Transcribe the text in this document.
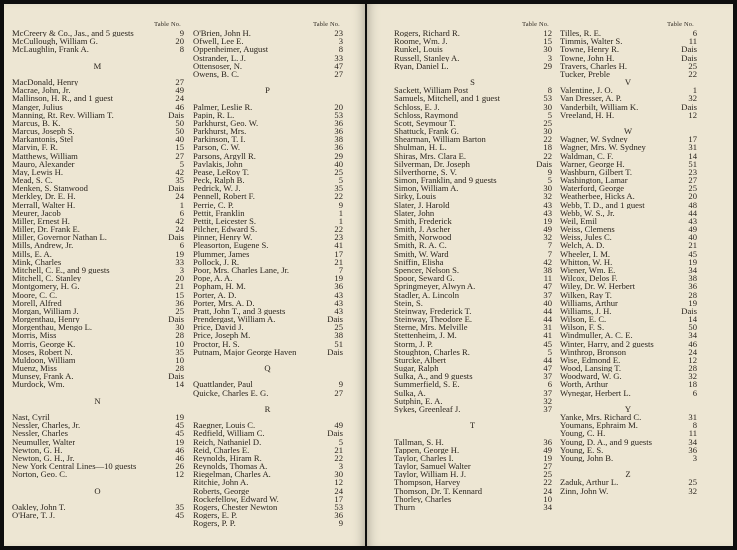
Table No.
McCreery & Co., Jas., and 5 guests	9
McCullough, William G.	20
McLaughlin, Frank A.	8
M
MacDonald, Henry	27
Macrae, John, Jr.	49
Mallinson, H. R., and 1 guest	24
Manger, Julius	46
Manning, Rt. Rev. William T.	Dais
Marcus, B. K.	50
Marcus, Joseph S.	50
Markantonis, Stel	40
Marvin, F. R.	15
Matthews, William	27
Mauro, Alexander	5
May, Lewis H.	42
Mead, S. C.	35
Menken, S. Stanwood	Dais
Merkley, Dr. E. H.	24
Merrall, Walter H.	1
Meurer, Jacob	6
Miller, Ernest H.	42
Miller, Dr. Frank E.	24
Miller, Governor Nathan L.	Dais
Mills, Andrew, Jr.	6
Mills, E. A.	19
Mink, Charles	33
Mitchell, C. E., and 9 guests	3
Mitchell, C. Stanley	20
Montgomery, H. G.	21
Moore, C. C.	15
Morell, Alfred	36
Morgan, William J.	25
Morgenthau, Henry	Dais
Morgenthau, Mengo L.	30
Morris, Miss	28
Morris, George K.	10
Moses, Robert N.	35
Muldoon, William	10
Muenz, Miss	28
Munsey, Frank A.	Dais
Murdock, Wm.	14
N
Nast, Cyril	19
Nessler, Charles, Jr.	45
Nessler, Charles	45
Neumuller, Walter	19
Newton, G. H.	46
Newton, G. H., Jr.	46
New York Central Lines—10 guests	26
Norton, Geo. C.	12
O
Oakley, John T.	35
O'Hare, T. J.	45
Table No.
O'Brien, John H.	23
Ofwell, Lee E.	3
Oppenheimer, August	8
Ostrander, L. J.	33
Ottensoser, N.	47
Owens, B. C.	27
P
Palmer, Leslie R.	20
Papin, R. L.	53
Parkhurst, Geo. W.	36
Parkhurst, Mrs.	36
Parkinson, T. I.	38
Parson, C. W.	36
Parsons, Argyll R.	29
Pavlakis, John	40
Pease, LeRoy T.	25
Peck, Ralph B.	5
Pedrick, W. J.	35
Pennell, Robert F.	22
Perrie, C. P.	9
Pettit, Franklin	1
Pettit, Leicester S.	1
Pilcher, Edward S.	22
Pinner, Henry W.	23
Pleasorton, Eugene S.	41
Plummer, James	17
Pollock, J. R.	21
Poor, Mrs. Charles Lane, Jr.	7
Pope, A. A.	19
Popham, H. M.	36
Porter, A. D.	43
Porter, Mrs. A. D.	43
Pratt, John T., and 3 guests	43
Prendergast, William A.	Dais
Price, David J.	25
Price, Joseph M.	38
Proctor, H. S.	51
Putnam, Major George Haven	Dais
Q
Quattlander, Paul	9
Quicke, Charles E. G.	27
R
Raegner, Louis C.	49
Redfield, William C.	Dais
Reich, Nathaniel D.	5
Reid, Charles E.	21
Reynolds, Hiram R.	22
Reynolds, Thomas A.	3
Riegelman, Charles A.	30
Ritchie, John A.	12
Roberts, George	24
Rockefellow, Edward W.	17
Rogers, Chester Newton	53
Rogers, E. P.	36
Rogers, P. P.	9
Table No.
Rogers, Richard R.	12
Roome, Wm. J.	15
Runkel, Louis	30
Russell, Stanley A.	3
Ryan, Daniel L.	29
S
Sackett, William Post	8
Samuels, Mitchell, and 1 guest	53
Schloss, E. J.	30
Schloss, Raymond	5
Scott, Seymour T.	25
Shattuck, Frank G.	30
Shearman, William Barton	22
Shulman, H. L.	18
Shiras, Mrs. Clara E.	22
Silverman, Dr. Joseph	Dais
Silverthorne, S. V.	9
Simon, Franklin, and 9 guests	5
Simon, William A.	30
Sirky, Louis	32
Slater, J. Harold	43
Slater, John	43
Smith, Frederick	19
Smith, J. Ascher	49
Smith, Norwood	32
Smith, R. A. C.	7
Smith, W. Ward	7
Sniffin, Elisha	42
Spencer, Nelson S.	38
Spoor, Seward G.	11
Springmeyer, Alwyn A.	47
Stadler, A. Lincoln	37
Stein, S.	40
Steinway, Frederick T.	44
Steinway, Theodore E.	44
Sterne, Mrs. Melville	31
Stettenheim, J. M.	41
Storm, J. P.	45
Stoughton, Charles R.	5
Sturcke, Albert	44
Sugar, Ralph	47
Sulka, A., and 9 guests	37
Summerfield, S. E.	6
Sulka, A.	37
Sutphin, E. A.	32
Sykes, Greenleaf J.	37
T
Tallman, S. H.	36
Tappen, George H.	49
Taylor, Charles I.	19
Taylor, Samuel Walter	27
Taylor, William H. J.	25
Thompson, Harvey	22
Thomson, Dr. T. Kennard	24
Thorley, Charles	10
Thurn	34
Table No.
Tilles, R. E.	6
Timmis, Walter S.	11
Towne, Henry R.	Dais
Towne, John H.	Dais
Travers, Charles H.	25
Tucker, Preble	22
V
Valentine, J. O.	1
Van Dresser, A. P.	32
Vanderbilt, William K.	Dais
Vreeland, H. H.	12
W
Wagner, W. Sydney	17
Wagner, Mrs. W. Sydney	31
Waldman, C. F.	14
Warner, George H.	51
Washburn, Gilbert T.	23
Washington, Lamar	27
Waterford, George	25
Weatherbee, Hicks A.	20
Webb, T. D., and 1 guest	48
Webb, W. S., Jr.	44
Weil, Emil	43
Weiss, Clemens	49
Weiss, Jules C.	40
Welch, A. D.	21
Wheeler, I. M.	45
Whitton, W. H.	19
Wiener, Wm. E.	34
Wilcox, Delos F.	38
Wiley, Dr. W. Herbert	36
Wilken, Ray T.	28
Williams, Arthur	19
Williams, J. H.	Dais
Wilson, E. C.	14
Wilson, F. S.	50
Windmuller, A. C. E.	34
Winter, Harry, and 2 guests	46
Winthrop, Bronson	24
Wise, Edmond E.	12
Wood, Lansing T.	28
Woodward, W. G.	32
Worth, Arthur	18
Wynegar, Herbert L.	6
Y
Yanke, Mrs. Richard C.	31
Youmans, Ephraim M.	8
Young, C. H.	11
Young, D. A., and 9 guests	34
Young, E. S.	36
Young, John B.	3
Z
Zaduk, Arthur L.	25
Zinn, John W.	32
